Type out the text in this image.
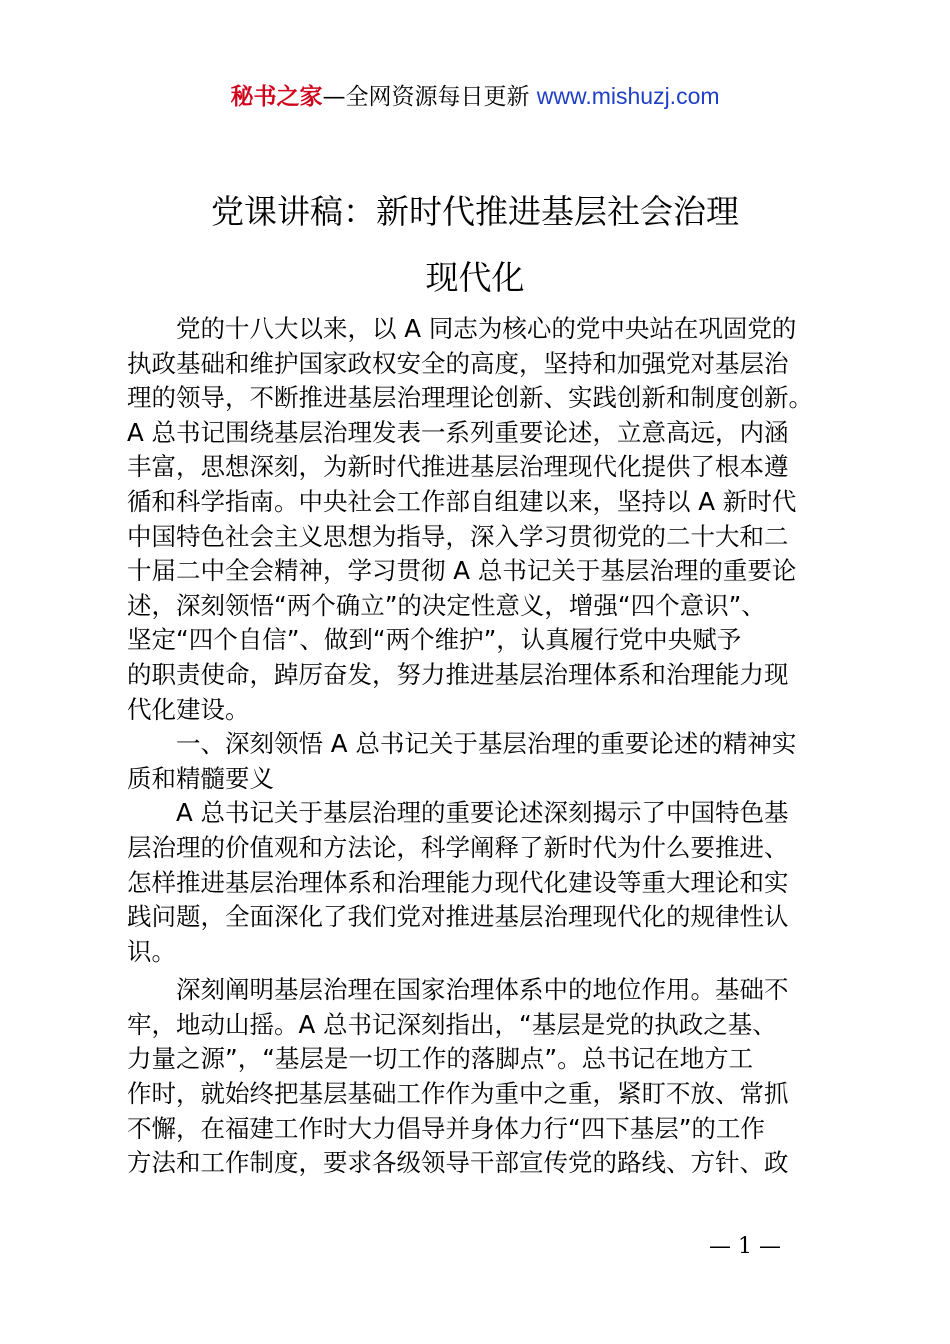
秘书之家—全网资源每日更新 www.mishuzj.com
党课讲稿：新时代推进基层社会治理
现代化
党的十八大以来，以 A 同志为核心的党中央站在巩固党的
执政基础和维护国家政权安全的高度，坚持和加强党对基层治
理的领导，不断推进基层治理理论创新、实践创新和制度创新。
A 总书记围绕基层治理发表一系列重要论述，立意高远，内涵
丰富，思想深刻，为新时代推进基层治理现代化提供了根本遵
循和科学指南。中央社会工作部自组建以来，坚持以 A 新时代
中国特色社会主义思想为指导，深入学习贯彻党的二十大和二
十届二中全会精神，学习贯彻 A 总书记关于基层治理的重要论
述，深刻领悟“两个确立”的决定性意义，增强“四个意识”、
坚定“四个自信”、做到“两个维护”，认真履行党中央赋予
的职责使命，踔厉奋发，努力推进基层治理体系和治理能力现
代化建设。
一、深刻领悟 A 总书记关于基层治理的重要论述的精神实
质和精髓要义
A 总书记关于基层治理的重要论述深刻揭示了中国特色基
层治理的价值观和方法论，科学阐释了新时代为什么要推进、
怎样推进基层治理体系和治理能力现代化建设等重大理论和实
践问题，全面深化了我们党对推进基层治理现代化的规律性认
识。
深刻阐明基层治理在国家治理体系中的地位作用。基础不
牢，地动山摇。A 总书记深刻指出，“基层是党的执政之基、
力量之源”，“基层是一切工作的落脚点”。总书记在地方工
作时，就始终把基层基础工作作为重中之重，紧盯不放、常抓
不懈，在福建工作时大力倡导并身体力行“四下基层”的工作
方法和工作制度，要求各级领导干部宣传党的路线、方针、政
— 1 —
